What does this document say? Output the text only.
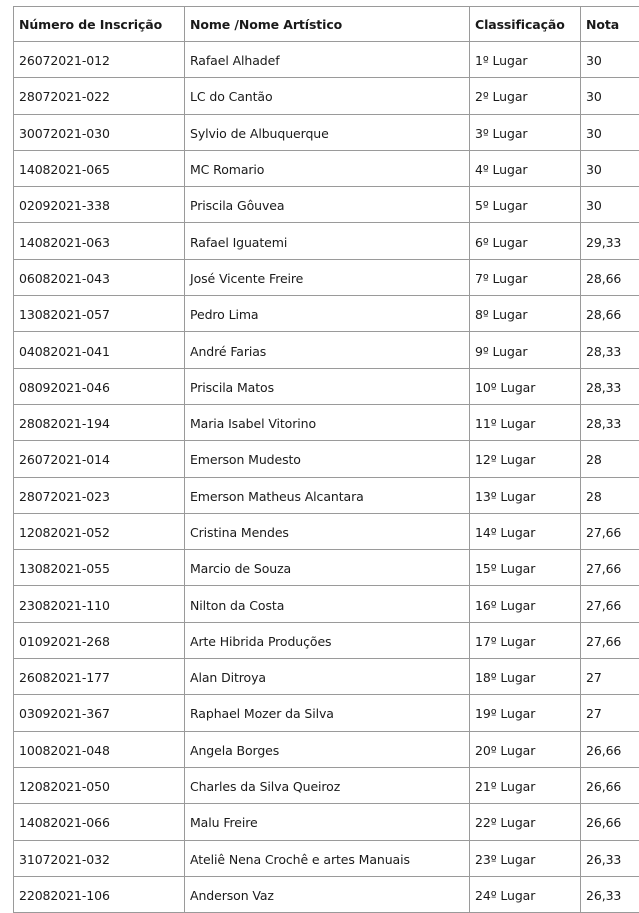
Número de Inscrição	Nome /Nome Artístico	Classificação	Nota
26072021-012	Rafael Alhadef	1º Lugar	30
28072021-022	LC do Cantão	2º Lugar	30
30072021-030	Sylvio de Albuquerque	3º Lugar	30
14082021-065	MC Romario	4º Lugar	30
02092021-338	Priscila Gôuvea	5º Lugar	30
14082021-063	Rafael Iguatemi	6º Lugar	29,33
06082021-043	José Vicente Freire	7º Lugar	28,66
13082021-057	Pedro Lima	8º Lugar	28,66
04082021-041	André Farias	9º Lugar	28,33
08092021-046	Priscila Matos	10º Lugar	28,33
28082021-194	Maria Isabel Vitorino	11º Lugar	28,33
26072021-014	Emerson Mudesto	12º Lugar	28
28072021-023	Emerson Matheus Alcantara	13º Lugar	28
12082021-052	Cristina Mendes	14º Lugar	27,66
13082021-055	Marcio de Souza	15º Lugar	27,66
23082021-110	Nilton da Costa	16º Lugar	27,66
01092021-268	Arte Hibrida Produções	17º Lugar	27,66
26082021-177	Alan Ditroya	18º Lugar	27
03092021-367	Raphael Mozer da Silva	19º Lugar	27
10082021-048	Angela Borges	20º Lugar	26,66
12082021-050	Charles da Silva Queiroz	21º Lugar	26,66
14082021-066	Malu Freire	22º Lugar	26,66
31072021-032	Ateliê Nena Crochê e artes Manuais	23º Lugar	26,33
22082021-106	Anderson Vaz	24º Lugar	26,33
